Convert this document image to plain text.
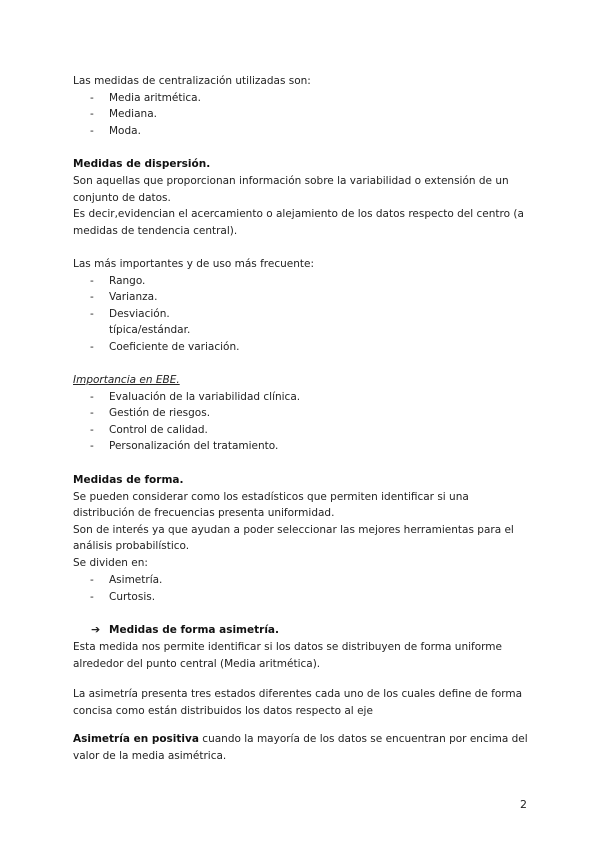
Las medidas de centralización utilizadas son:
- Media aritmética.
- Mediana.
- Moda.
Medidas de dispersión.
Son aquellas que proporcionan información sobre la variabilidad o extensión de un
conjunto de datos.
Es decir,evidencian el acercamiento o alejamiento de los datos respecto del centro (a
medidas de tendencia central).
Las más importantes y de uso más frecuente:
- Rango.
- Varianza.
- Desviación.
típica/estándar.
- Coeficiente de variación.
Importancia en EBE.
- Evaluación de la variabilidad clínica.
- Gestión de riesgos.
- Control de calidad.
- Personalización del tratamiento.
Medidas de forma.
Se pueden considerar como los estadísticos que permiten identificar si una
distribución de frecuencias presenta uniformidad.
Son de interés ya que ayudan a poder seleccionar las mejores herramientas para el
análisis probabilístico.
Se dividen en:
- Asimetría.
- Curtosis.
➔ Medidas de forma asimetría.
Esta medida nos permite identificar si los datos se distribuyen de forma uniforme
alrededor del punto central (Media aritmética).
La asimetría presenta tres estados diferentes cada uno de los cuales define de forma
concisa como están distribuidos los datos respecto al eje
Asimetría en positiva cuando la mayoría de los datos se encuentran por encima del
valor de la media asimétrica.
2
